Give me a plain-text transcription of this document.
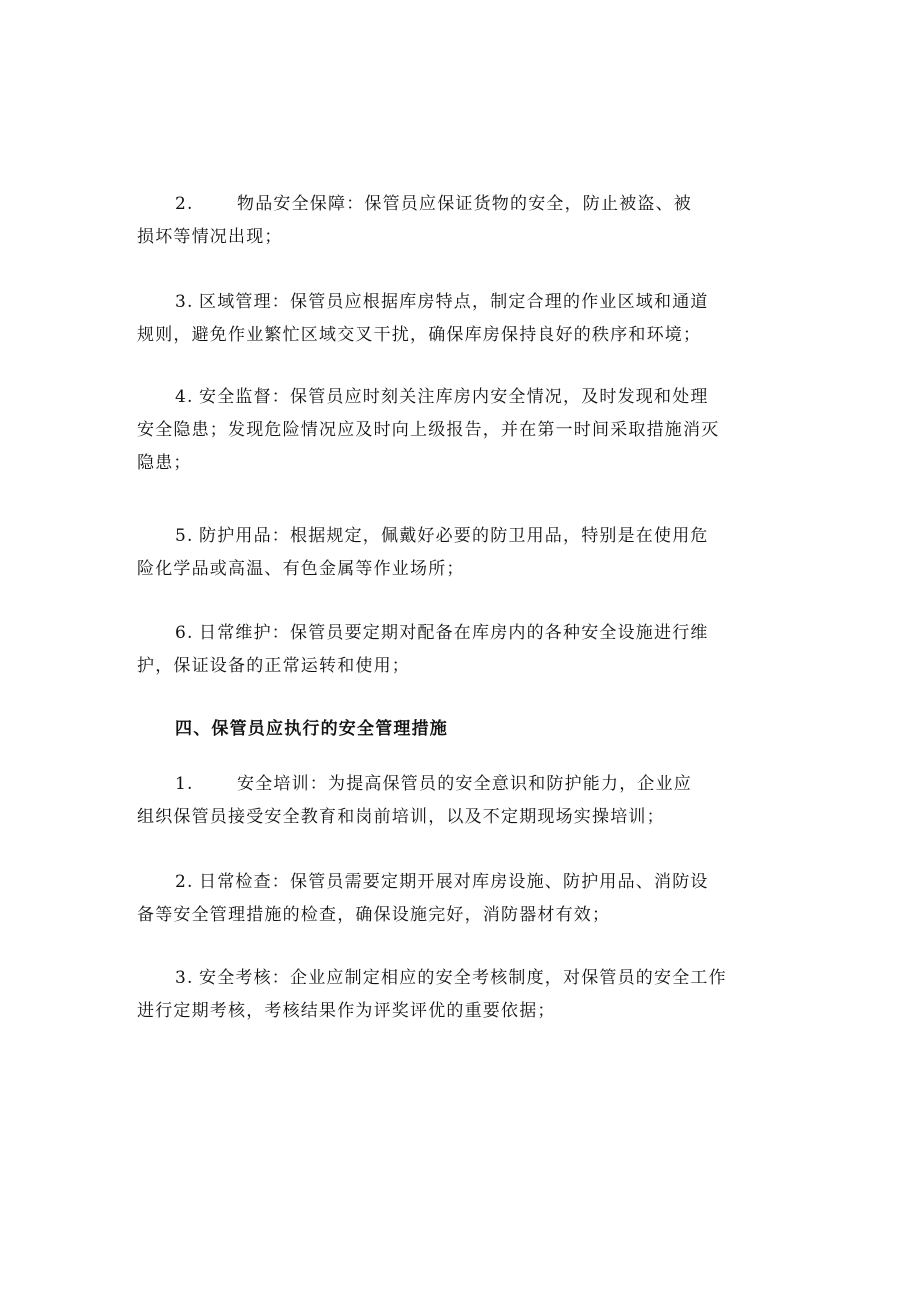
2.	物品安全保障：保管员应保证货物的安全，防止被盗、被
损坏等情况出现；
3. 区域管理：保管员应根据库房特点，制定合理的作业区域和通道
规则，避免作业繁忙区域交叉干扰，确保库房保持良好的秩序和环境；
4. 安全监督：保管员应时刻关注库房内安全情况，及时发现和处理
安全隐患；发现危险情况应及时向上级报告，并在第一时间采取措施消灭
隐患；
5. 防护用品：根据规定，佩戴好必要的防卫用品，特别是在使用危
险化学品或高温、有色金属等作业场所；
6. 日常维护：保管员要定期对配备在库房内的各种安全设施进行维
护，保证设备的正常运转和使用；
四、保管员应执行的安全管理措施
1.	安全培训：为提高保管员的安全意识和防护能力，企业应
组织保管员接受安全教育和岗前培训，以及不定期现场实操培训；
2. 日常检查：保管员需要定期开展对库房设施、防护用品、消防设
备等安全管理措施的检查，确保设施完好，消防器材有效；
3. 安全考核：企业应制定相应的安全考核制度，对保管员的安全工作
进行定期考核，考核结果作为评奖评优的重要依据；
